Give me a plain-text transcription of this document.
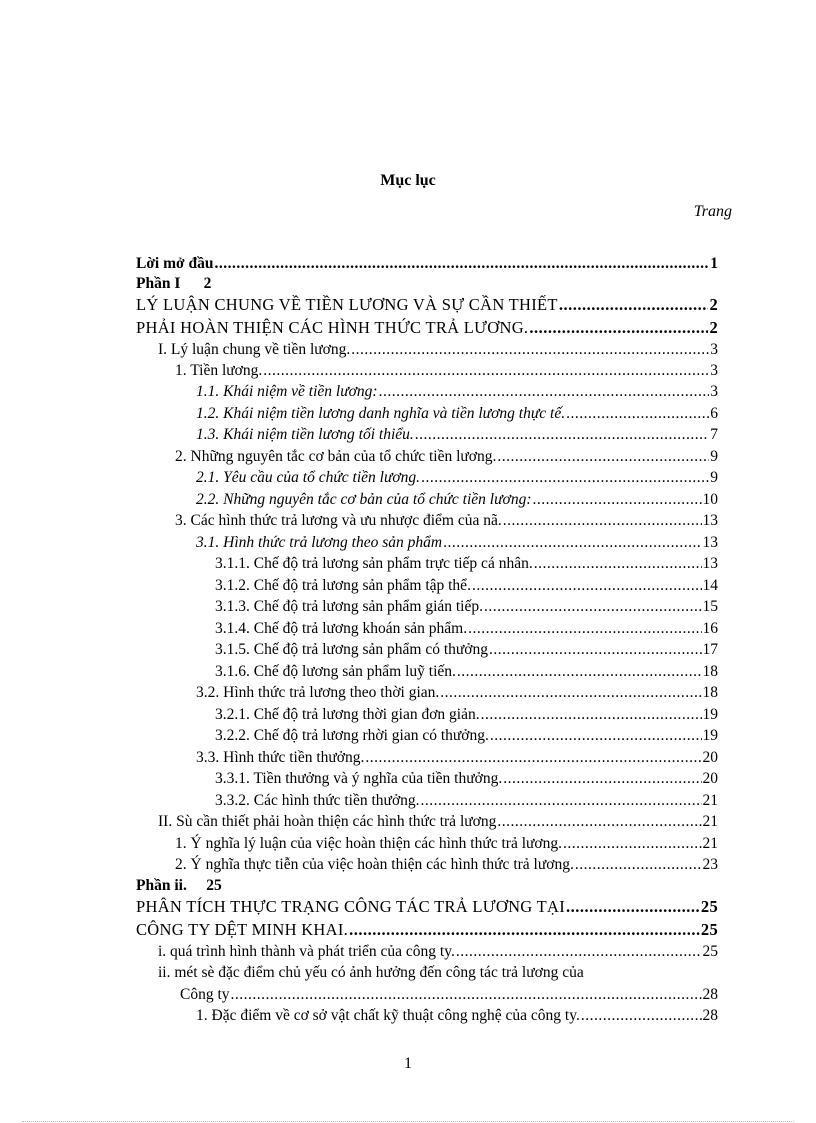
Mục lục
Trang
Lời mở đầu .....	1
Phần I      2
LÝ LUẬN CHUNG VỀ TIỀN LƯƠNG VÀ SỰ CẦN THIẾT .....	2
PHẢI HOÀN THIỆN CÁC HÌNH THỨC TRẢ LƯƠNG. .....	2
I. Lý luận chung về tiền lương. .....	3
1. Tiền lương. .....	3
1.1. Khái niệm về tiền lương: .....	3
1.2. Khái niệm tiền lương danh nghĩa và tiền lương thực tế. .....	6
1.3. Khái niệm tiền lương tối thiểu. .....	7
2. Những nguyên tắc cơ bản của tổ chức tiền lương. .....	9
2.1. Yêu cầu của tổ chức tiền lương. .....	9
2.2. Những nguyên tắc cơ bản của tổ chức tiền lương: .....	10
3. Các hình thức trả lương và ưu nhược điểm của nã. .....	13
3.1. Hình thức trả lương theo sản phẩm .....	13
3.1.1. Chế độ trả lương sản phẩm trực tiếp cá nhân. .....	13
3.1.2. Chế độ trả lương sản phẩm tập thể. .....	14
3.1.3. Chế độ trả lương sản phẩm gián tiếp. .....	15
3.1.4. Chế độ trả lương khoán sản phẩm. .....	16
3.1.5. Chế độ trả lương sản phẩm có thưởng .....	17
3.1.6. Chế độ lương sản phẩm luỹ tiến. .....	18
3.2. Hình thức trả lương theo thời gian. .....	18
3.2.1. Chế độ trả lương thời gian đơn giản. .....	19
3.2.2. Chế độ trả lương rhời gian có thưởng. .....	19
3.3. Hình thức tiền thưởng. .....	20
3.3.1. Tiền thưởng và ý nghĩa của tiền thưởng. .....	20
3.3.2. Các hình thức tiền thưởng. .....	21
II. Sù cần thiết phải hoàn thiện các hình thức trả lương .....	21
1. Ý nghĩa lý luận của việc hoàn thiện các hình thức trả lương. .....	21
2. Ý nghĩa thực tiễn của việc hoàn thiện các hình thức trả lương. .....	23
Phần ii.     25
PHÂN TÍCH THỰC TRẠNG CÔNG TÁC TRẢ LƯƠNG TẠI .....	25
CÔNG TY DỆT MINH KHAI. .....	25
i. quá trình hình thành và phát triển của công ty. .....	25
ii. mét sè đặc điểm chủ yếu có ảnh hưởng đến công tác trả lương của
Công ty .....	28
1. Đặc điểm về cơ sở vật chất kỹ thuật công nghệ của công ty. .....	28
1
